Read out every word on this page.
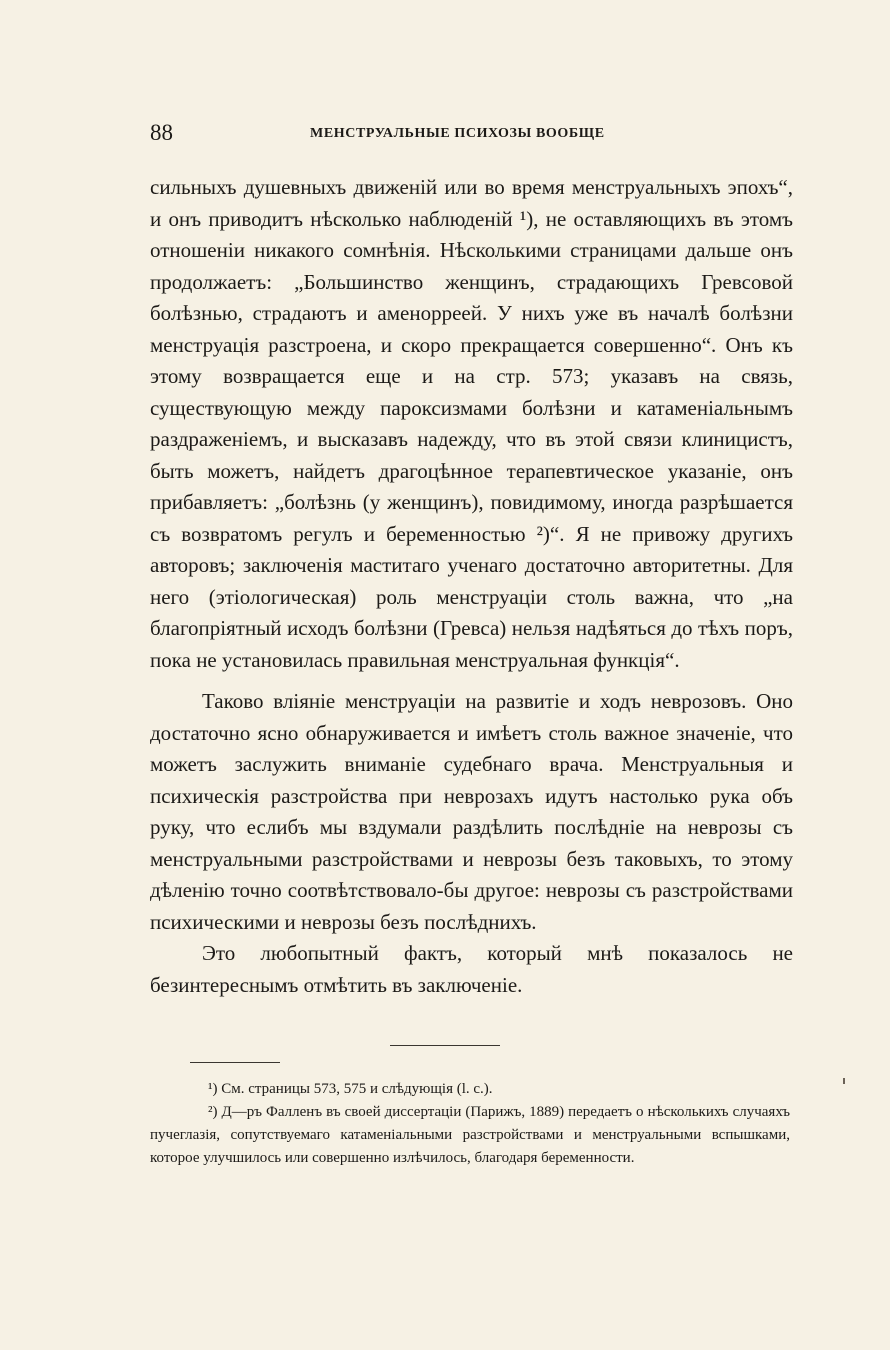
88	МЕНСТРУАЛЬНЫЕ ПСИХОЗЫ ВООБЩЕ

сильныхъ душевныхъ движеній или во время менструальныхъ эпохъ“, и онъ приводитъ нѣсколько наблюденій ¹), не оставляющихъ въ этомъ отношеніи никакого сомнѣнія. Нѣсколькими страницами дальше онъ продолжаетъ: „Большинство женщинъ, страдающихъ Гревсовой болѣзнью, страдаютъ и аменорреей. У нихъ уже въ началѣ болѣзни менструація разстроена, и скоро прекращается совершенно“. Онъ къ этому возвращается еще и на стр. 573; указавъ на связь, существующую между пароксизмами болѣзни и катаменіальнымъ раздраженіемъ, и высказавъ надежду, что въ этой связи клиницистъ, быть можетъ, найдетъ драгоцѣнное терапевтическое указаніе, онъ прибавляетъ: „болѣзнь (у женщинъ), повидимому, иногда разрѣшается съ возвратомъ регулъ и беременностью ²)“. Я не привожу другихъ авторовъ; заключенія маститаго ученаго достаточно авторитетны. Для него (этіологическая) роль менструаціи столь важна, что „на благопріятный исходъ болѣзни (Гревса) нельзя надѣяться до тѣхъ поръ, пока не установилась правильная менструальная функція“.

Таково вліяніе менструаціи на развитіе и ходъ неврозовъ. Оно достаточно ясно обнаруживается и имѣетъ столь важное значеніе, что можетъ заслужить вниманіе судебнаго врача. Менструальныя и психическія разстройства при неврозахъ идутъ настолько рука объ руку, что еслибъ мы вздумали раздѣлить послѣдніе на неврозы съ менструальными разстройствами и неврозы безъ таковыхъ, то этому дѣленію точно соотвѣтствовало-бы другое: неврозы съ разстройствами психическими и неврозы безъ послѣднихъ.

Это любопытный фактъ, который мнѣ показалось не безинтереснымъ отмѣтить въ заключеніе.

¹) См. страницы 573, 575 и слѣдующія (l. c.).

²) Д—ръ Фалленъ въ своей диссертаціи (Парижъ, 1889) передаетъ о нѣсколькихъ случаяхъ пучеглазія, сопутствуемаго катаменіальными разстройствами и менструальными вспышками, которое улучшилось или совершенно излѣчилось, благодаря беременности.
